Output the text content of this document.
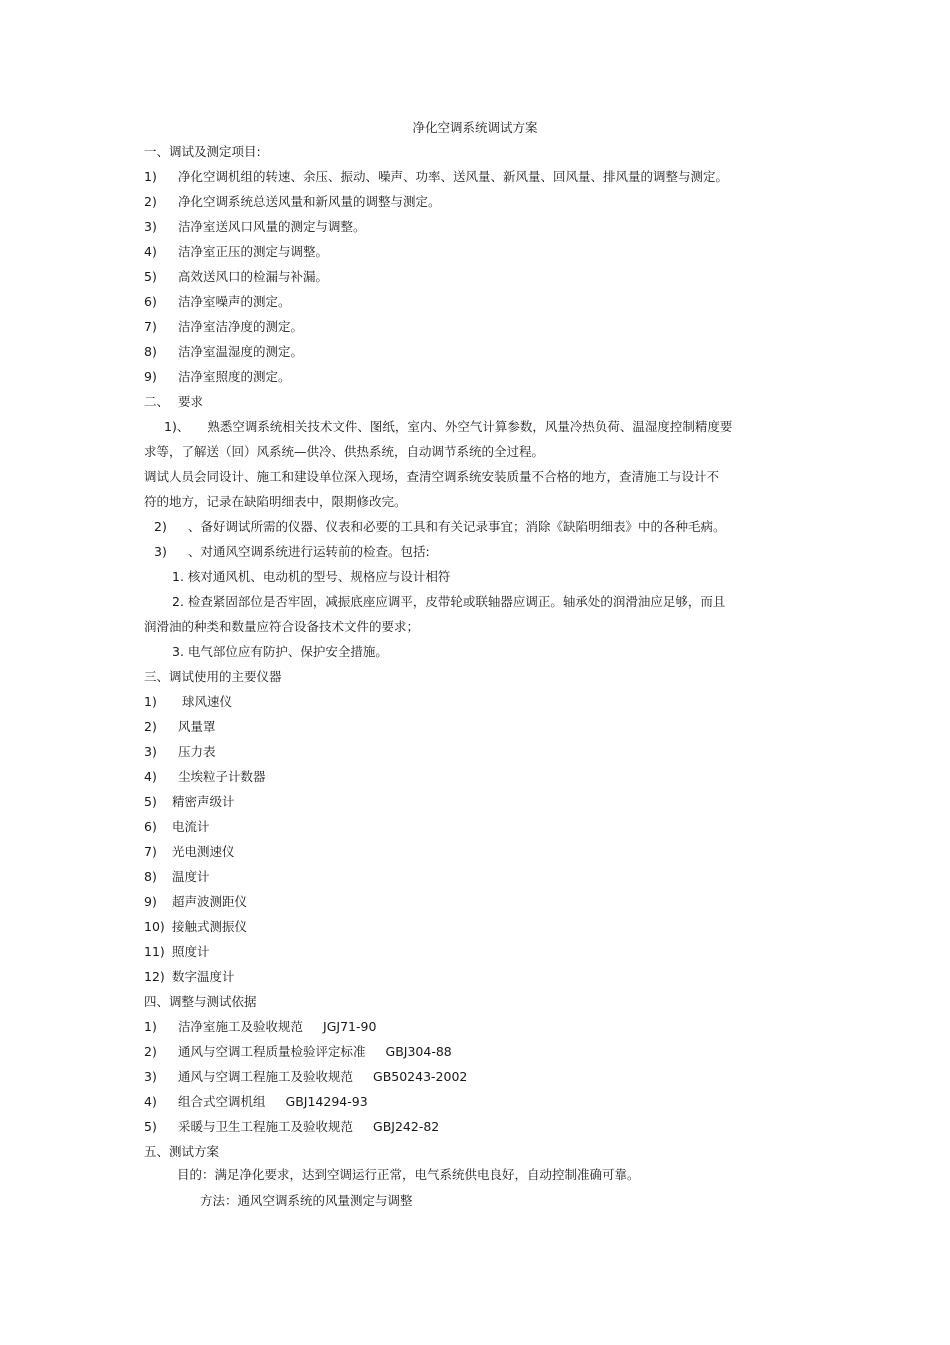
净化空调系统调试方案
一、调试及测定项目:
1) 净化空调机组的转速、余压、振动、噪声、功率、送风量、新风量、回风量、排风量的调整与测定。
2) 净化空调系统总送风量和新风量的调整与测定。
3) 洁净室送风口风量的测定与调整。
4) 洁净室正压的测定与调整。
5) 高效送风口的检漏与补漏。
6) 洁净室噪声的测定。
7) 洁净室洁净度的测定。
8) 洁净室温湿度的测定。
9) 洁净室照度的测定。
二、 要求
1)、 熟悉空调系统相关技术文件、图纸，室内、外空气计算参数，风量冷热负荷、温湿度控制精度要
求等，了解送（回）风系统—供冷、供热系统，自动调节系统的全过程。
调试人员会同设计、施工和建设单位深入现场，查清空调系统安装质量不合格的地方，查清施工与设计不
符的地方，记录在缺陷明细表中，限期修改完。
2) 、备好调试所需的仪器、仪表和必要的工具和有关记录事宜；消除《缺陷明细表》中的各种毛病。
3) 、对通风空调系统进行运转前的检查。包括:
1. 核对通风机、电动机的型号、规格应与设计相符
2. 检查紧固部位是否牢固，减振底座应调平，皮带轮或联轴器应调正。轴承处的润滑油应足够，而且
润滑油的种类和数量应符合设备技术文件的要求；
3. 电气部位应有防护、保护安全措施。
三、调试使用的主要仪器
1) 球风速仪
2) 风量罩
3) 压力表
4) 尘埃粒子计数器
5) 精密声级计
6) 电流计
7) 光电测速仪
8) 温度计
9) 超声波测距仪
10) 接触式测振仪
11) 照度计
12) 数字温度计
四、调整与测试依据
1) 洁净室施工及验收规范 JGJ71-90
2) 通风与空调工程质量检验评定标准 GBJ304-88
3) 通风与空调工程施工及验收规范 GB50243-2002
4) 组合式空调机组 GBJ14294-93
5) 采暖与卫生工程施工及验收规范 GBJ242-82
五、测试方案
目的：满足净化要求，达到空调运行正常，电气系统供电良好，自动控制准确可靠。
方法：通风空调系统的风量测定与调整
